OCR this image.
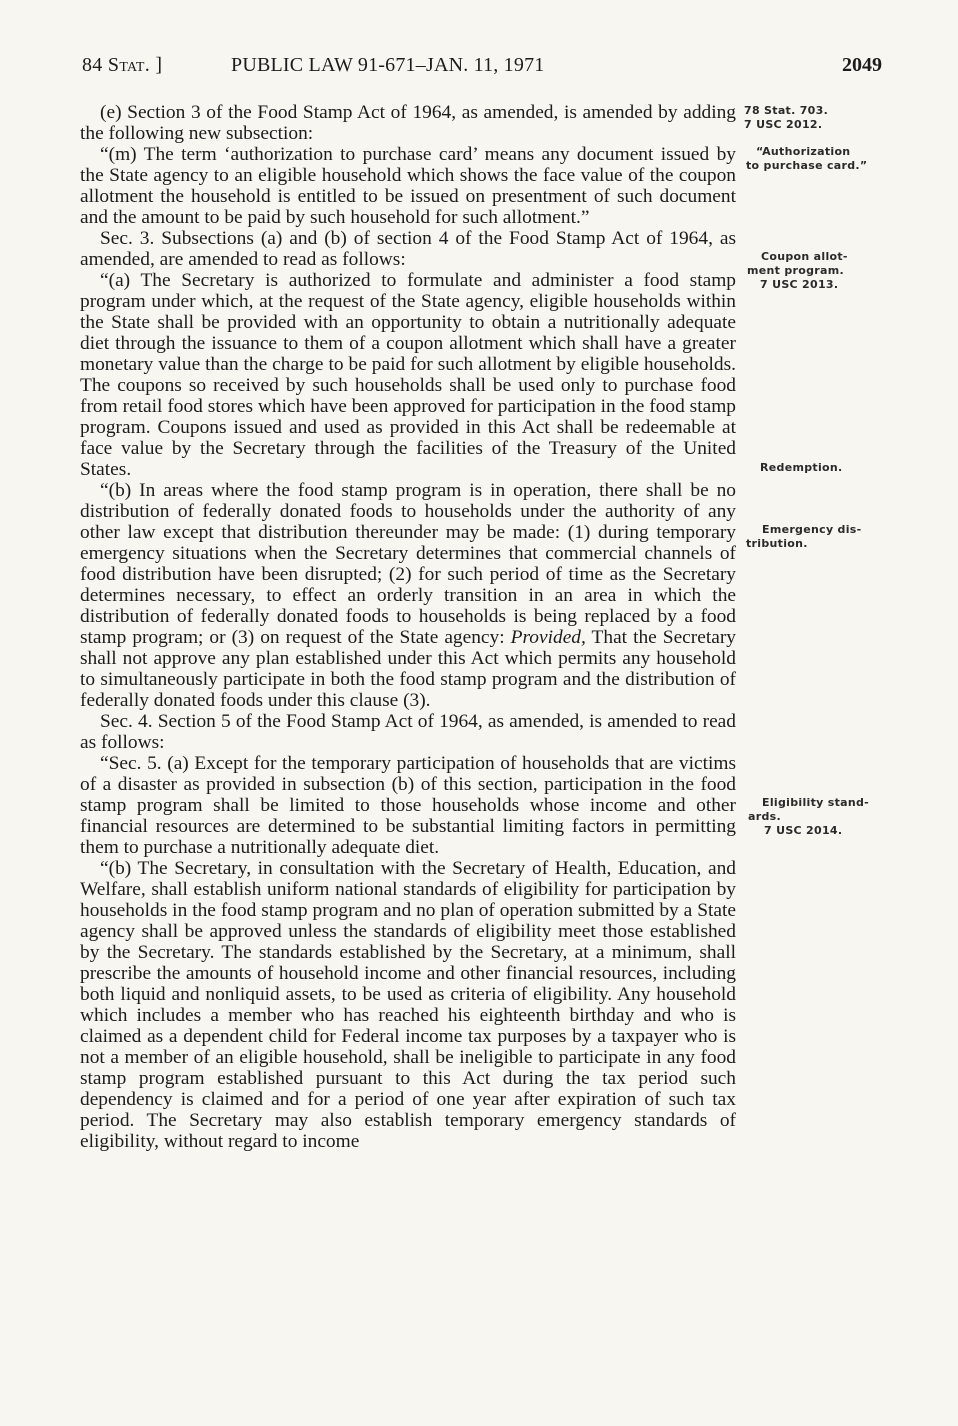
84 Stat. ]	PUBLIC LAW 91-671–JAN. 11, 1971	2049

(e) Section 3 of the Food Stamp Act of 1964, as amended, is amended by adding the following new subsection:

“(m) The term ‘authorization to purchase card’ means any document issued by the State agency to an eligible household which shows the face value of the coupon allotment the household is entitled to be issued on presentment of such document and the amount to be paid by such household for such allotment.”

Sec. 3. Subsections (a) and (b) of section 4 of the Food Stamp Act of 1964, as amended, are amended to read as follows:

“(a) The Secretary is authorized to formulate and administer a food stamp program under which, at the request of the State agency, eligible households within the State shall be provided with an opportunity to obtain a nutritionally adequate diet through the issuance to them of a coupon allotment which shall have a greater monetary value than the charge to be paid for such allotment by eligible households. The coupons so received by such households shall be used only to purchase food from retail food stores which have been approved for participation in the food stamp program. Coupons issued and used as provided in this Act shall be redeemable at face value by the Secretary through the facilities of the Treasury of the United States.

“(b) In areas where the food stamp program is in operation, there shall be no distribution of federally donated foods to households under the authority of any other law except that distribution thereunder may be made: (1) during temporary emergency situations when the Secretary determines that commercial channels of food distribution have been disrupted; (2) for such period of time as the Secretary determines necessary, to effect an orderly transition in an area in which the distribution of federally donated foods to households is being replaced by a food stamp program; or (3) on request of the State agency: Provided, That the Secretary shall not approve any plan established under this Act which permits any household to simultaneously participate in both the food stamp program and the distribution of federally donated foods under this clause (3).

Sec. 4. Section 5 of the Food Stamp Act of 1964, as amended, is amended to read as follows:

“Sec. 5. (a) Except for the temporary participation of households that are victims of a disaster as provided in subsection (b) of this section, participation in the food stamp program shall be limited to those households whose income and other financial resources are determined to be substantial limiting factors in permitting them to purchase a nutritionally adequate diet.

“(b) The Secretary, in consultation with the Secretary of Health, Education, and Welfare, shall establish uniform national standards of eligibility for participation by households in the food stamp program and no plan of operation submitted by a State agency shall be approved unless the standards of eligibility meet those established by the Secretary. The standards established by the Secretary, at a minimum, shall prescribe the amounts of household income and other financial resources, including both liquid and nonliquid assets, to be used as criteria of eligibility. Any household which includes a member who has reached his eighteenth birthday and who is claimed as a dependent child for Federal income tax purposes by a taxpayer who is not a member of an eligible household, shall be ineligible to participate in any food stamp program established pursuant to this Act during the tax period such dependency is claimed and for a period of one year after expiration of such tax period. The Secretary may also establish temporary emergency standards of eligibility, without regard to income

78 Stat. 703.
7 USC 2012.
“Authorization
to purchase card.”
Coupon allot-
ment program.
7 USC 2013.
Redemption.
Emergency dis-
tribution.
Eligibility stand-
ards.
7 USC 2014.
